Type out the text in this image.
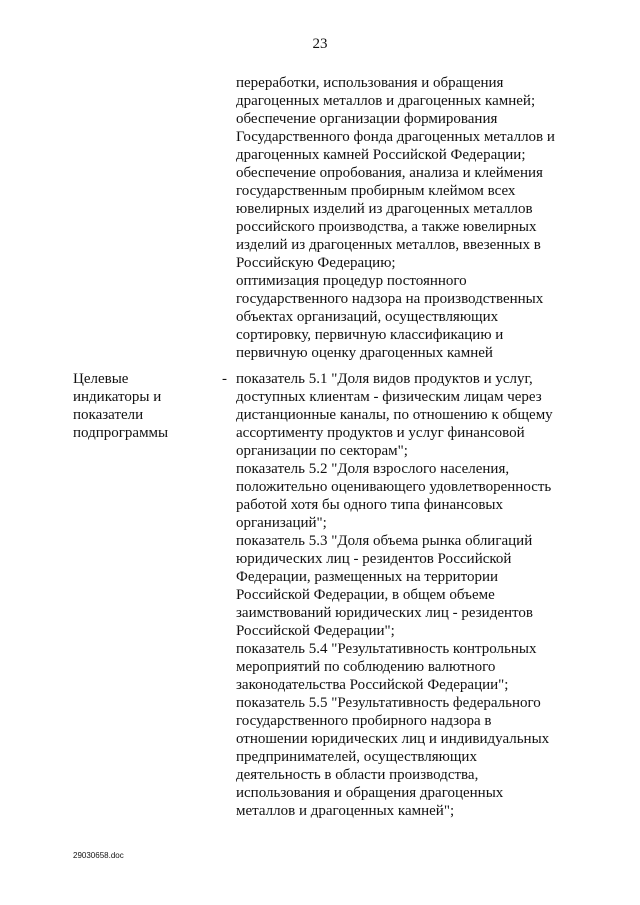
23
переработки, использования и обращения
драгоценных металлов и драгоценных камней;
обеспечение организации формирования
Государственного фонда драгоценных металлов и
драгоценных камней Российской Федерации;
обеспечение опробования, анализа и клеймения
государственным пробирным клеймом всех
ювелирных изделий из драгоценных металлов
российского производства, а также ювелирных
изделий из драгоценных металлов, ввезенных в
Российскую Федерацию;
оптимизация процедур постоянного
государственного надзора на производственных
объектах организаций, осуществляющих
сортировку, первичную классификацию и
первичную оценку драгоценных камней
Целевые
индикаторы и
показатели
подпрограммы
- показатель 5.1 "Доля видов продуктов и услуг,
доступных клиентам - физическим лицам через
дистанционные каналы, по отношению к общему
ассортименту продуктов и услуг финансовой
организации по секторам";
показатель 5.2 "Доля взрослого населения,
положительно оценивающего удовлетворенность
работой хотя бы одного типа финансовых
организаций";
показатель 5.3 "Доля объема рынка облигаций
юридических лиц - резидентов Российской
Федерации, размещенных на территории
Российской Федерации, в общем объеме
заимствований юридических лиц - резидентов
Российской Федерации";
показатель 5.4 "Результативность контрольных
мероприятий по соблюдению валютного
законодательства Российской Федерации";
показатель 5.5 "Результативность федерального
государственного пробирного надзора в
отношении юридических лиц и индивидуальных
предпринимателей, осуществляющих
деятельность в области производства,
использования и обращения драгоценных
металлов и драгоценных камней";
29030658.doc
